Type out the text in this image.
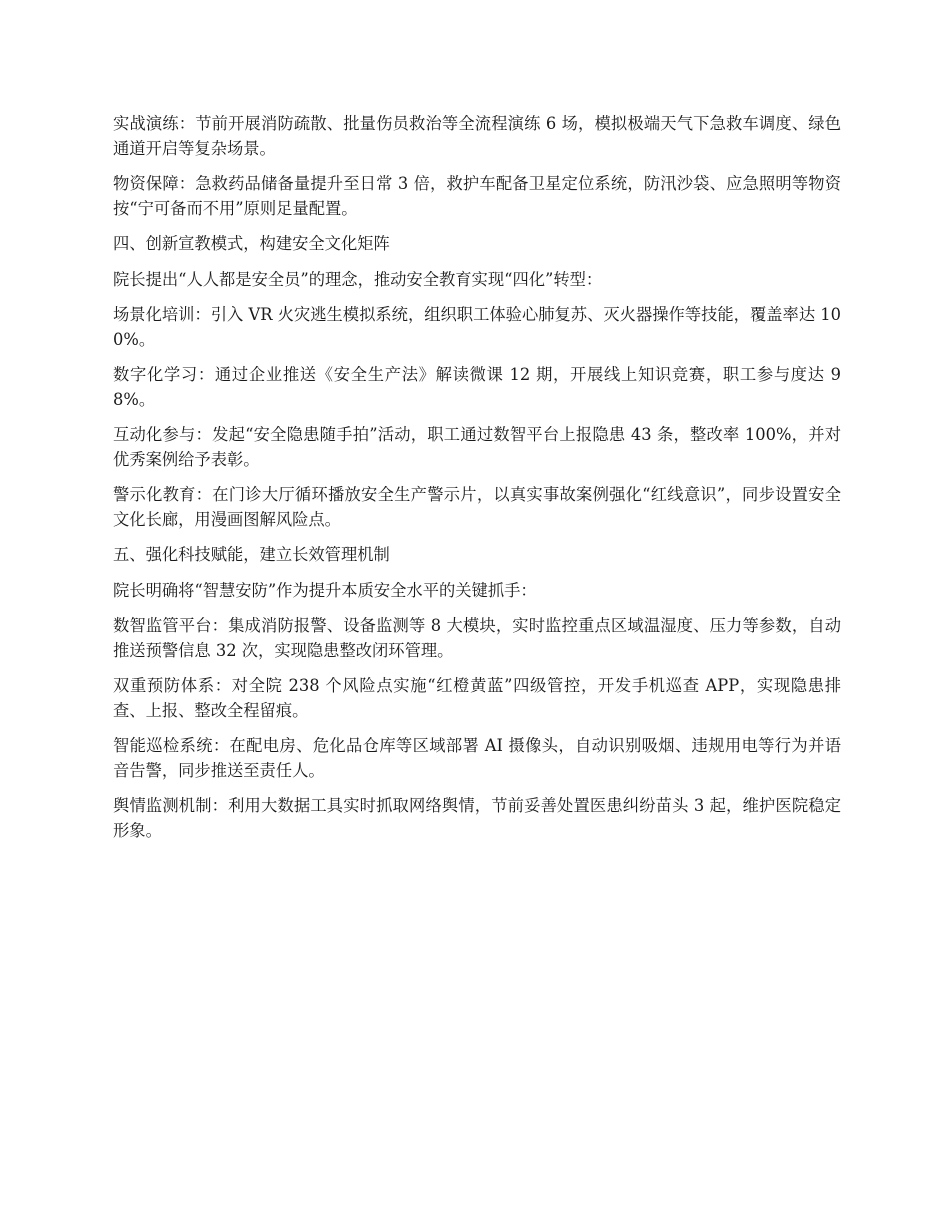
实战演练：节前开展消防疏散、批量伤员救治等全流程演练 6 场，模拟极端天气下急救车调度、绿色通道开启等复杂场景。

物资保障：急救药品储备量提升至日常 3 倍，救护车配备卫星定位系统，防汛沙袋、应急照明等物资按“宁可备而不用”原则足量配置。

四、创新宣教模式，构建安全文化矩阵

院长提出“人人都是安全员”的理念，推动安全教育实现“四化”转型：

场景化培训：引入 VR 火灾逃生模拟系统，组织职工体验心肺复苏、灭火器操作等技能，覆盖率达 100%。

数字化学习：通过企业推送《安全生产法》解读微课 12 期，开展线上知识竞赛，职工参与度达 98%。

互动化参与：发起“安全隐患随手拍”活动，职工通过数智平台上报隐患 43 条，整改率 100%，并对优秀案例给予表彰。

警示化教育：在门诊大厅循环播放安全生产警示片，以真实事故案例强化“红线意识”，同步设置安全文化长廊，用漫画图解风险点。

五、强化科技赋能，建立长效管理机制

院长明确将“智慧安防”作为提升本质安全水平的关键抓手：

数智监管平台：集成消防报警、设备监测等 8 大模块，实时监控重点区域温湿度、压力等参数，自动推送预警信息 32 次，实现隐患整改闭环管理。

双重预防体系：对全院 238 个风险点实施“红橙黄蓝”四级管控，开发手机巡查 APP，实现隐患排查、上报、整改全程留痕。

智能巡检系统：在配电房、危化品仓库等区域部署 AI 摄像头，自动识别吸烟、违规用电等行为并语音告警，同步推送至责任人。

舆情监测机制：利用大数据工具实时抓取网络舆情，节前妥善处置医患纠纷苗头 3 起，维护医院稳定形象。
